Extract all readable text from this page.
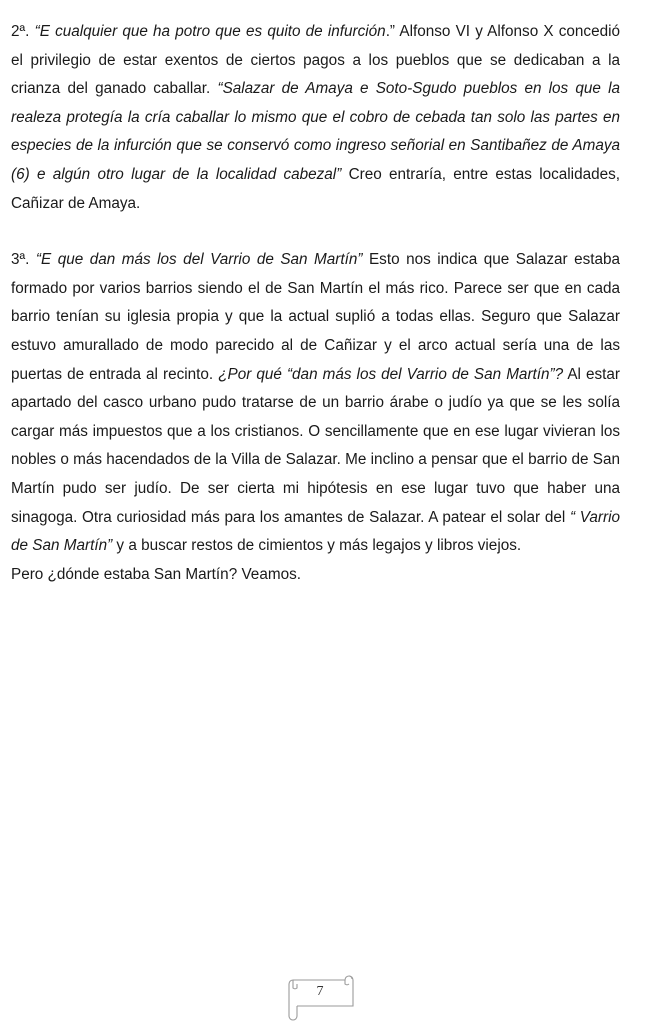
2ª. “E cualquier que ha potro que es quito de infurción.” Alfonso VI y Alfonso X concedió el privilegio de estar exentos de ciertos pagos a los pueblos que se dedicaban a la crianza del ganado caballar. “Salazar de Amaya e Soto-Sgudo pueblos en los que la realeza protegía la cría caballar lo mismo que el cobro de cebada tan solo las partes en especies de la infurción que se conservó como ingreso señorial en Santibañez de Amaya (6) e algún otro lugar de la localidad cabezal” Creo entraría, entre estas localidades, Cañizar de Amaya.

3ª. “E que dan más los del Varrio de San Martín” Esto nos indica que Salazar estaba formado por varios barrios siendo el de San Martín el más rico. Parece ser que en cada barrio tenían su iglesia propia y que la actual suplió a todas ellas. Seguro que Salazar estuvo amurallado de modo parecido al de Cañizar y el arco actual sería una de las puertas de entrada al recinto. ¿Por qué “dan más los del Varrio de San Martín”? Al estar apartado del casco urbano pudo tratarse de un barrio árabe o judío ya que se les solía cargar más impuestos que a los cristianos. O sencillamente que en ese lugar vivieran los nobles o más hacendados de la Villa de Salazar. Me inclino a pensar que el barrio de San Martín pudo ser judío. De ser cierta mi hipótesis en ese lugar tuvo que haber una sinagoga. Otra curiosidad más para los amantes de Salazar. A patear el solar del “ Varrio de San Martín” y a buscar restos de cimientos y más legajos y libros viejos.

Pero ¿dónde estaba San Martín? Veamos.

7
